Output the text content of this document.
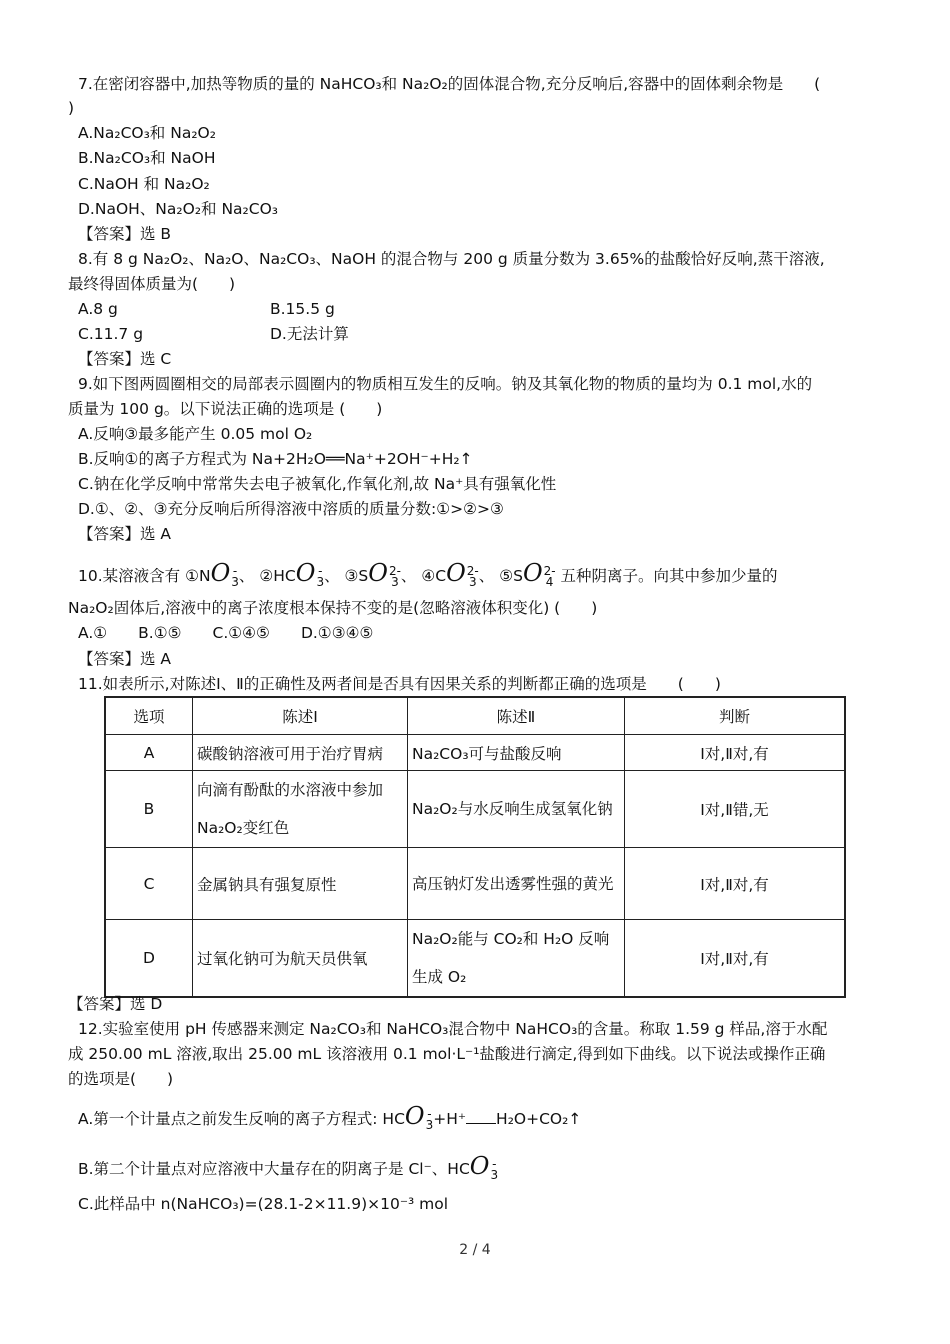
7.在密闭容器中,加热等物质的量的 NaHCO₃和 Na₂O₂的固体混合物,充分反响后,容器中的固体剩余物是　　(
)
A.Na₂CO₃和 Na₂O₂
B.Na₂CO₃和 NaOH
C.NaOH 和 Na₂O₂
D.NaOH、Na₂O₂和 Na₂CO₃
【答案】选 B
8.有 8 g Na₂O₂、Na₂O、Na₂CO₃、NaOH 的混合物与 200 g 质量分数为 3.65%的盐酸恰好反响,蒸干溶液,
最终得固体质量为(　　)
A.8 g	B.15.5 g
C.11.7 g	D.无法计算
【答案】选 C
9.如下图两圆圈相交的局部表示圆圈内的物质相互发生的反响。钠及其氧化物的物质的量均为 0.1 mol,水的
质量为 100 g。以下说法正确的选项是 (　　)
A.反响③最多能产生 0.05 mol O₂
B.反响①的离子方程式为 Na+2H₂O══Na⁺+2OH⁻+H₂↑
C.钠在化学反响中常常失去电子被氧化,作氧化剂,故 Na⁺具有强氧化性
D.①、②、③充分反响后所得溶液中溶质的质量分数:①>②>③
【答案】选 A
10.某溶液含有 ①NO -
3 、 ②HCO -
3 、 ③SO 2-
3 、 ④CO 2-
3 、 ⑤SO 2-
4 五种阴离子。向其中参加少量的
Na₂O₂固体后,溶液中的离子浓度根本保持不变的是(忽略溶液体积变化) (　　)
A.①　　B.①⑤　　C.①④⑤　　D.①③④⑤
【答案】选 A
11.如表所示,对陈述Ⅰ、Ⅱ的正确性及两者间是否具有因果关系的判断都正确的选项是　　(　　)
选项	陈述Ⅰ	陈述Ⅱ	判断
A	碳酸钠溶液可用于治疗胃病	Na₂CO₃可与盐酸反响	Ⅰ对,Ⅱ对,有
B	向滴有酚酞的水溶液中参加 Na₂O₂变红色	Na₂O₂与水反响生成氢氧化钠	Ⅰ对,Ⅱ错,无
C	金属钠具有强复原性	高压钠灯发出透雾性强的黄光	Ⅰ对,Ⅱ对,有
D	过氧化钠可为航天员供氧	Na₂O₂能与 CO₂和 H₂O 反响生成 O₂	Ⅰ对,Ⅱ对,有
【答案】选 D
12.实验室使用 pH 传感器来测定 Na₂CO₃和 NaHCO₃混合物中 NaHCO₃的含量。称取 1.59 g 样品,溶于水配
成 250.00 mL 溶液,取出 25.00 mL 该溶液用 0.1 mol·L⁻¹盐酸进行滴定,得到如下曲线。以下说法或操作正确
的选项是(　　)
A.第一个计量点之前发生反响的离子方程式: HCO -
3 +H⁺ H₂O+CO₂↑
B.第二个计量点对应溶液中大量存在的阴离子是 Cl⁻、HCO -
3
C.此样品中 n(NaHCO₃)=(28.1-2×11.9)×10⁻³ mol
2 / 4
